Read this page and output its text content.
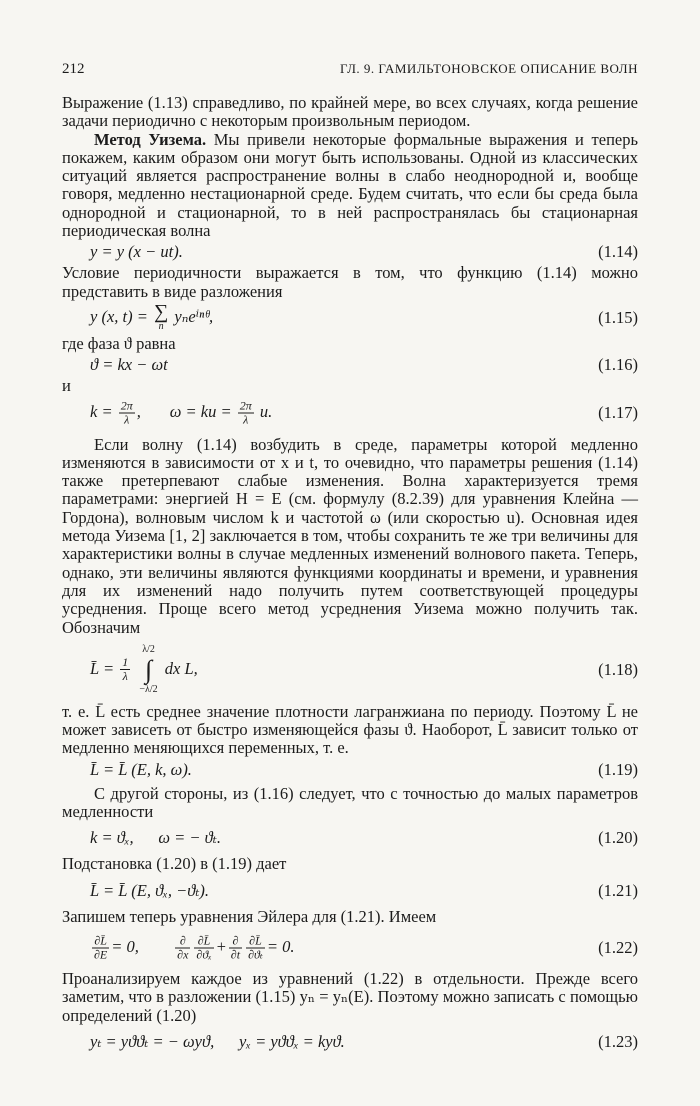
212	ГЛ. 9. ГАМИЛЬТОНОВСКОЕ ОПИСАНИЕ ВОЛН

Выражение (1.13) справедливо, по крайней мере, во всех случаях, когда решение задачи периодично с некоторым произвольным периодом.

Метод Уизема. Мы привели некоторые формальные выражения и теперь покажем, каким образом они могут быть использованы. Одной из классических ситуаций является распространение волны в слабо неоднородной и, вообще говоря, медленно нестационарной среде. Будем считать, что если бы среда была однородной и стационарной, то в ней распространялась бы стационарная периодическая волна

y = y (x − ut).	(1.14)

Условие периодичности выражается в том, что функцию (1.14) можно представить в виде разложения

y (x, t) = ∑
n
yₙeⁱⁿᶿ,	(1.15)

где фаза ϑ равна

ϑ = kx − ωt	(1.16)

и

$k = \frac{2\pi}{\lambda}$ ,       ω = ku = $\frac{2\pi}{\lambda} u$.	(1.17)

Если волну (1.14) возбудить в среде, параметры которой медленно изменяются в зависимости от x и t, то очевидно, что параметры решения (1.14) также претерпевают слабые изменения. Волна характеризуется тремя параметрами: энергией H = E (см. формулу (8.2.39) для уравнения Клейна — Гордона), волновым числом k и частотой ω (или скоростью u). Основная идея метода Уизема [1, 2] заключается в том, чтобы сохранить те же три величины для характеристики волны в случае медленных изменений волнового пакета. Теперь, однако, эти величины являются функциями координаты и времени, и уравнения для их изменений надо получить путем соответствующей процедуры усреднения. Проще всего метод усреднения Уизема можно получить так. Обозначим

L̄ = $\frac{1}{\lambda}$

λ/2
∫
−λ/2
dx L,	(1.18)

т. е. L̄ есть среднее значение плотности лагранжиана по периоду. Поэтому L̄ не может зависеть от быстро изменяющейся фазы ϑ. Наоборот, L̄ зависит только от медленно меняющихся переменных, т. е.

L̄ = L̄ (E, k, ω).	(1.19)

С другой стороны, из (1.16) следует, что с точностью до малых параметров медленности

k = ϑₓ,      ω = − ϑₜ.	(1.20)

Подстановка (1.20) в (1.19) дает

L̄ = L̄ (E, ϑₓ, −ϑₜ).	(1.21)

Запишем теперь уравнения Эйлера для (1.21). Имеем

$\frac{\partial L̄}{\partial E} = 0$,	$\frac{\partial}{\partial x} \frac{\partial L̄}{\text{∂ϑₓ}} + \frac{\partial}{\partial t} \frac{\partial L̄}{\text{∂ϑₜ}} = 0$.	(1.22)

Проанализируем каждое из уравнений (1.22) в отдельности. Прежде всего заметим, что в разложении (1.15) yₙ = yₙ(E). Поэтому можно записать с помощью определений (1.20)

yₜ = yϑϑₜ = − ωyϑ,      yₓ = yϑϑₓ = kyϑ.	(1.23)
